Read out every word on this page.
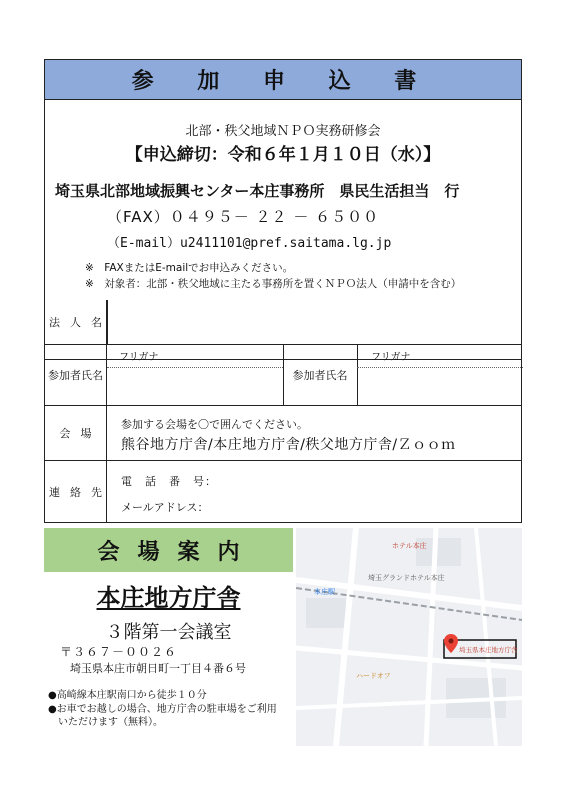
参 加 申 込 書
北部・秩父地域ＮＰＯ実務研修会
【申込締切：令和６年１月１０日（水）】
埼玉県北部地域振興センター本庄事務所　県民生活担当　行
（FAX）０４９５－ ２２ － ６５００
（E-mail）u2411101@pref.saitama.lg.jp
※　FAXまたはE-mailでお申込みください。
※　対象者：北部・秩父地域に主たる事務所を置くＮＰＯ法人（申請中を含む）
法人名
参加者氏名
フリガナ
参加者氏名
フリガナ
会場
参加する会場を〇で囲んでください。
熊谷地方庁舎/本庄地方庁舎/秩父地方庁舎/Ｚｏｏｍ
連絡先
電　話　番　号：
メールアドレス：
会場案内
本庄地方庁舎
３階第一会議室
〒３６７－００２６
埼玉県本庄市朝日町一丁目４番６号
●高崎線本庄駅南口から徒歩１０分
●お車でお越しの場合、地方庁舎の駐車場をご利用
いただけます（無料）。
ホテル本庄
埼玉グランドホテル本庄
本庄駅
埼玉県本庄地方庁舎
ハードオフ
